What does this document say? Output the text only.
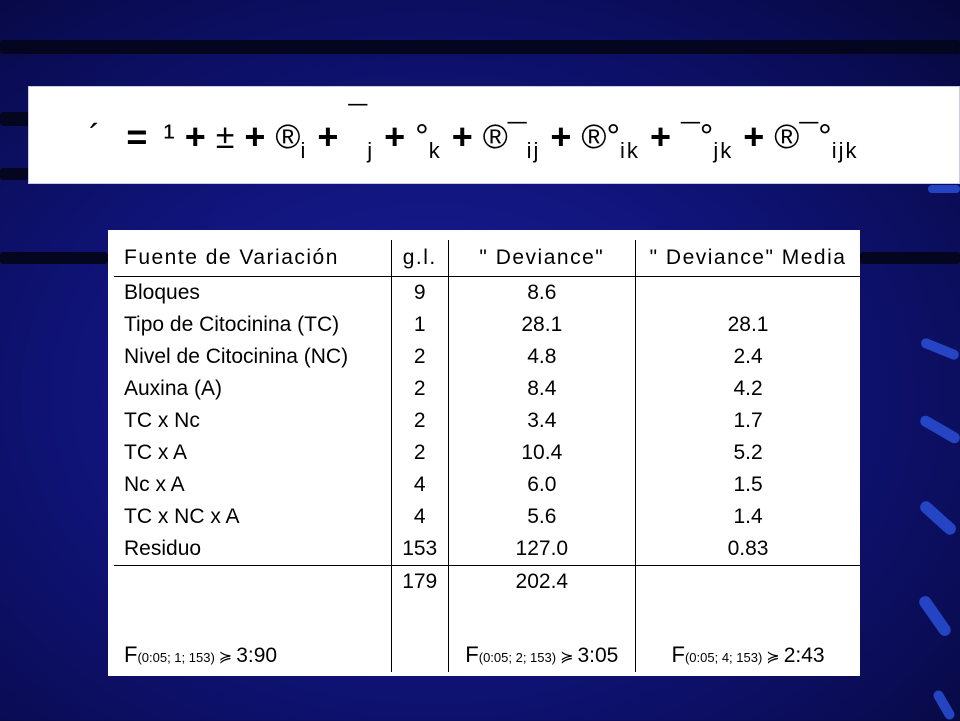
´ = ¹ + ± + ® i + ¯
j + ° k + ®¯ ij + ®° ik + ¯° jk + ®¯° ijk
Fuente de Variación	g.l.	" Deviance"	" Deviance" Media
Bloques	9	8.6	
Tipo de Citocinina (TC)	1	28.1	28.1
Nivel de Citocinina (NC)	2	4.8	2.4
Auxina (A)	2	8.4	4.2
TC x Nc	2	3.4	1.7
TC x A	2	10.4	5.2
Nc x A	4	6.0	1.5
TC x NC x A	4	5.6	1.4
Residuo	153	127.0	0.83
	179	202.4	

F(0:05; 1; 153) ≽ 3:90		F(0:05; 2; 153) ≽ 3:05	F(0:05; 4; 153) ≽ 2:43
